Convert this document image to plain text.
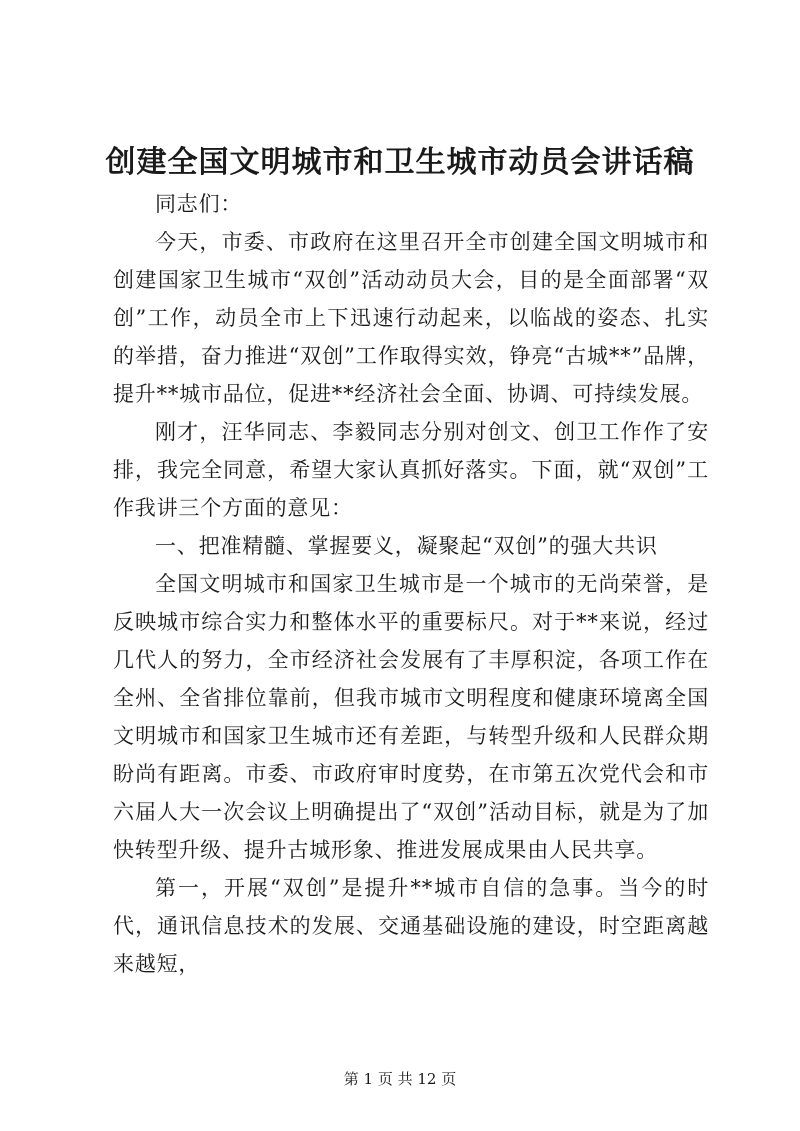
创建全国文明城市和卫生城市动员会讲话稿

同志们：

今天，市委、市政府在这里召开全市创建全国文明城市和创建国家卫生城市“双创”活动动员大会，目的是全面部署“双创”工作，动员全市上下迅速行动起来，以临战的姿态、扎实的举措，奋力推进“双创”工作取得实效，铮亮“古城**”品牌，提升**城市品位，促进**经济社会全面、协调、可持续发展。

刚才，汪华同志、李毅同志分别对创文、创卫工作作了安排，我完全同意，希望大家认真抓好落实。下面，就“双创”工作我讲三个方面的意见：

一、把准精髓、掌握要义，凝聚起“双创”的强大共识

全国文明城市和国家卫生城市是一个城市的无尚荣誉，是反映城市综合实力和整体水平的重要标尺。对于**来说，经过几代人的努力，全市经济社会发展有了丰厚积淀，各项工作在全州、全省排位靠前，但我市城市文明程度和健康环境离全国文明城市和国家卫生城市还有差距，与转型升级和人民群众期盼尚有距离。市委、市政府审时度势，在市第五次党代会和市六届人大一次会议上明确提出了“双创”活动目标，就是为了加快转型升级、提升古城形象、推进发展成果由人民共享。

第一，开展“双创”是提升**城市自信的急事。当今的时代，通讯信息技术的发展、交通基础设施的建设，时空距离越来越短，

第 1 页 共 12 页
